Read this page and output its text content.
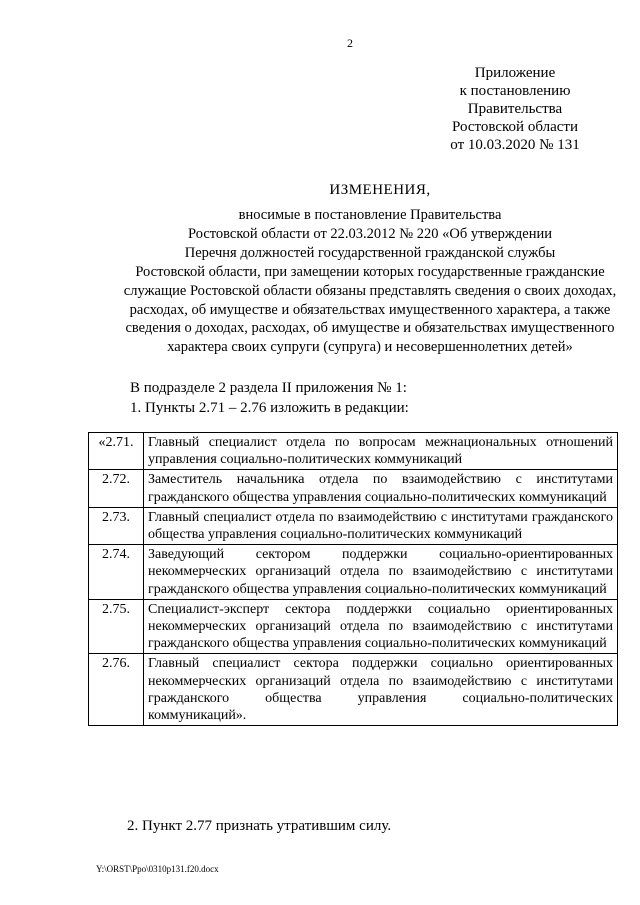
2
Приложение
к постановлению
Правительства
Ростовской области
от 10.03.2020 № 131
ИЗМЕНЕНИЯ,
вносимые в постановление Правительства
Ростовской области от 22.03.2012 № 220 «Об утверждении
Перечня должностей государственной гражданской службы
Ростовской области, при замещении которых государственные гражданские
служащие Ростовской области обязаны представлять сведения о своих доходах,
расходах, об имуществе и обязательствах имущественного характера, а также
сведения о доходах, расходах, об имуществе и обязательствах имущественного
характера своих супруги (супруга) и несовершеннолетних детей»
В подразделе 2 раздела II приложения № 1:
1. Пункты 2.71 – 2.76 изложить в редакции:
«2.71.	Главный специалист отдела по вопросам межнациональных отношений управления социально-политических коммуникаций
2.72.	Заместитель начальника отдела по взаимодействию с институтами гражданского общества управления социально-политических коммуникаций
2.73.	Главный специалист отдела по взаимодействию с институтами гражданского общества управления социально-политических коммуникаций
2.74.	Заведующий сектором поддержки социально-ориентированных некоммерческих организаций отдела по взаимодействию с институтами гражданского общества управления социально-политических коммуникаций
2.75.	Специалист-эксперт сектора поддержки социально ориентированных некоммерческих организаций отдела по взаимодействию с институтами гражданского общества управления социально-политических коммуникаций
2.76.	Главный специалист сектора поддержки социально ориентированных некоммерческих организаций отдела по взаимодействию с институтами гражданского общества управления социально-политических коммуникаций».
2. Пункт 2.77 признать утратившим силу.
Y:\ORST\Ppo\0310p131.f20.docx
